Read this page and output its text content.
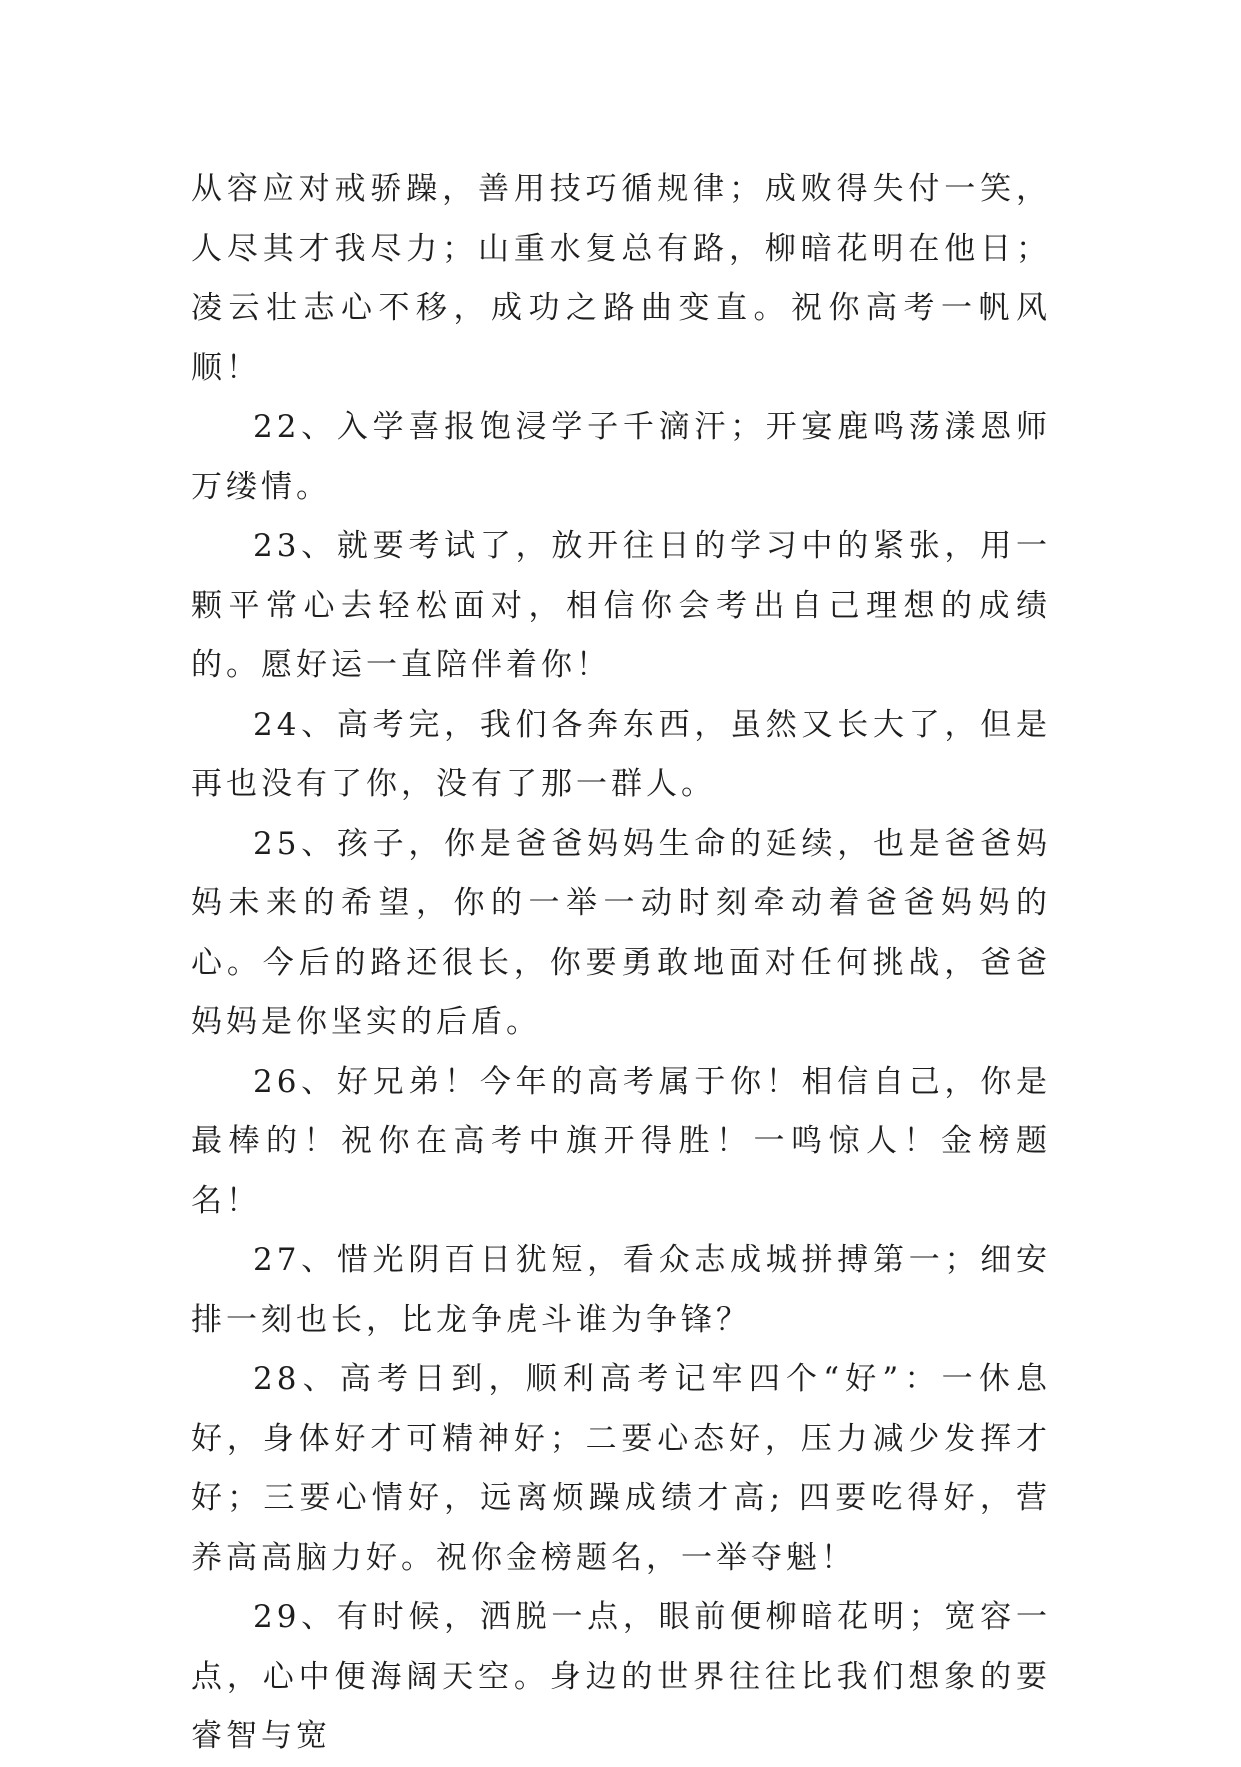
从容应对戒骄躁，善用技巧循规律；成败得失付一笑，人尽其才我尽力；山重水复总有路，柳暗花明在他日；凌云壮志心不移，成功之路曲变直。祝你高考一帆风顺！

22、入学喜报饱浸学子千滴汗；开宴鹿鸣荡漾恩师万缕情。

23、就要考试了，放开往日的学习中的紧张，用一颗平常心去轻松面对，相信你会考出自己理想的成绩的。愿好运一直陪伴着你！

24、高考完，我们各奔东西，虽然又长大了，但是再也没有了你，没有了那一群人。

25、孩子，你是爸爸妈妈生命的延续，也是爸爸妈妈未来的希望，你的一举一动时刻牵动着爸爸妈妈的心。今后的路还很长，你要勇敢地面对任何挑战，爸爸妈妈是你坚实的后盾。

26、好兄弟！今年的高考属于你！相信自己，你是最棒的！祝你在高考中旗开得胜！一鸣惊人！金榜题名！

27、惜光阴百日犹短，看众志成城拼搏第一；细安排一刻也长，比龙争虎斗谁为争锋？

28、高考日到，顺利高考记牢四个“好”：一休息好，身体好才可精神好；二要心态好，压力减少发挥才好；三要心情好，远离烦躁成绩才高; 四要吃得好，营养高高脑力好。祝你金榜题名，一举夺魁！

29、有时候，洒脱一点，眼前便柳暗花明；宽容一点，心中便海阔天空。身边的世界往往比我们想象的要睿智与宽
